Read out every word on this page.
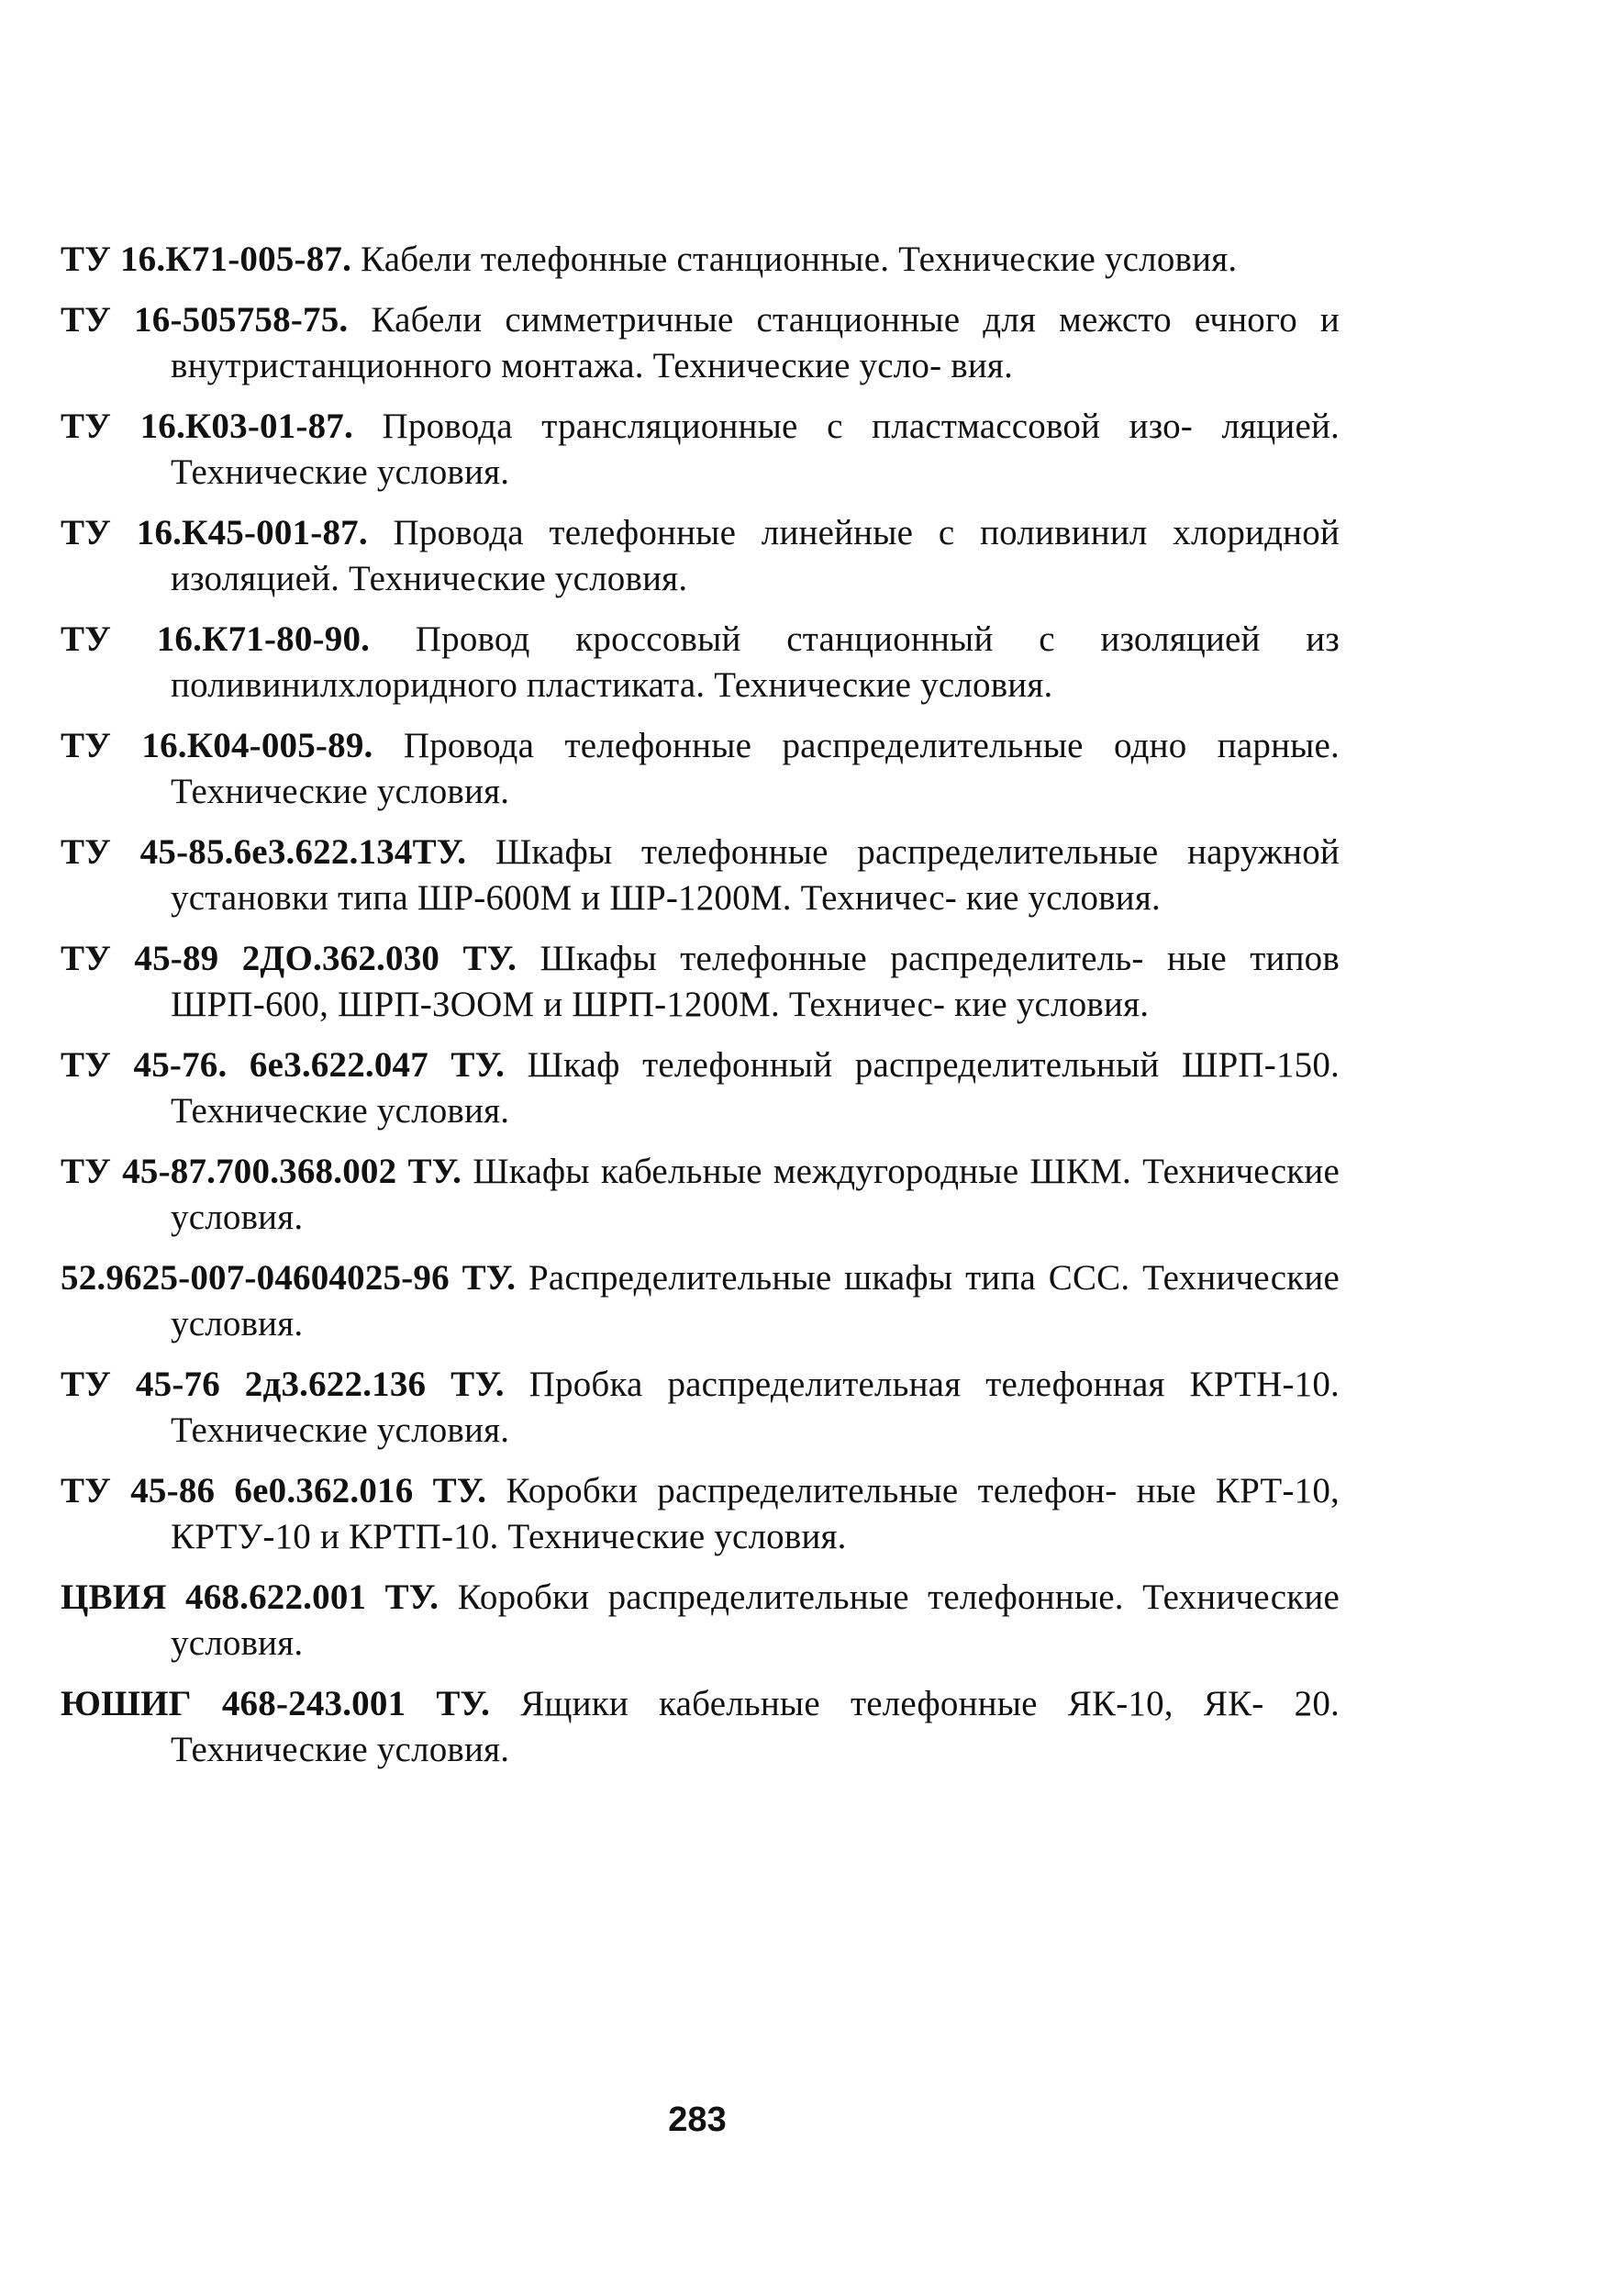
ТУ 16.К71-005-87. Кабели телефонные станционные. Технические условия.
ТУ 16-505758-75. Кабели симметричные станционные для межсто ечного и внутристанционного монтажа. Технические усло- вия.
ТУ 16.К03-01-87. Провода трансляционные с пластмассовой изо- ляцией. Технические условия.
ТУ 16.К45-001-87. Провода телефонные линейные с поливинил хлоридной изоляцией. Технические условия.
ТУ 16.К71-80-90. Провод кроссовый станционный с изоляцией из поливинилхлоридного пластиката. Технические условия.
ТУ 16.К04-005-89. Провода телефонные распределительные одно парные. Технические условия.
ТУ 45-85.6е3.622.134ТУ. Шкафы телефонные распределительные наружной установки типа ШР-600М и ШР-1200М. Техничес- кие условия.
ТУ 45-89 2ДО.362.030 ТУ. Шкафы телефонные распределитель- ные типов ШРП-600, ШРП-ЗООМ и ШРП-1200М. Техничес- кие условия.
ТУ 45-76. 6е3.622.047 ТУ. Шкаф телефонный распределительный ШРП-150. Технические условия.
ТУ 45-87.700.368.002 ТУ. Шкафы кабельные междугородные ШКМ. Технические условия.
52.9625-007-04604025-96 ТУ. Распределительные шкафы типа ССС. Технические условия.
ТУ 45-76 2д3.622.136 ТУ. Пробка распределительная телефонная КРТН-10. Технические условия.
ТУ 45-86 6е0.362.016 ТУ. Коробки распределительные телефон- ные КРТ-10, КРТУ-10 и КРТП-10. Технические условия.
ЦВИЯ 468.622.001 ТУ. Коробки распределительные телефонные. Технические условия.
ЮШИГ 468-243.001 ТУ. Ящики кабельные телефонные ЯК-10, ЯК- 20. Технические условия.
283
